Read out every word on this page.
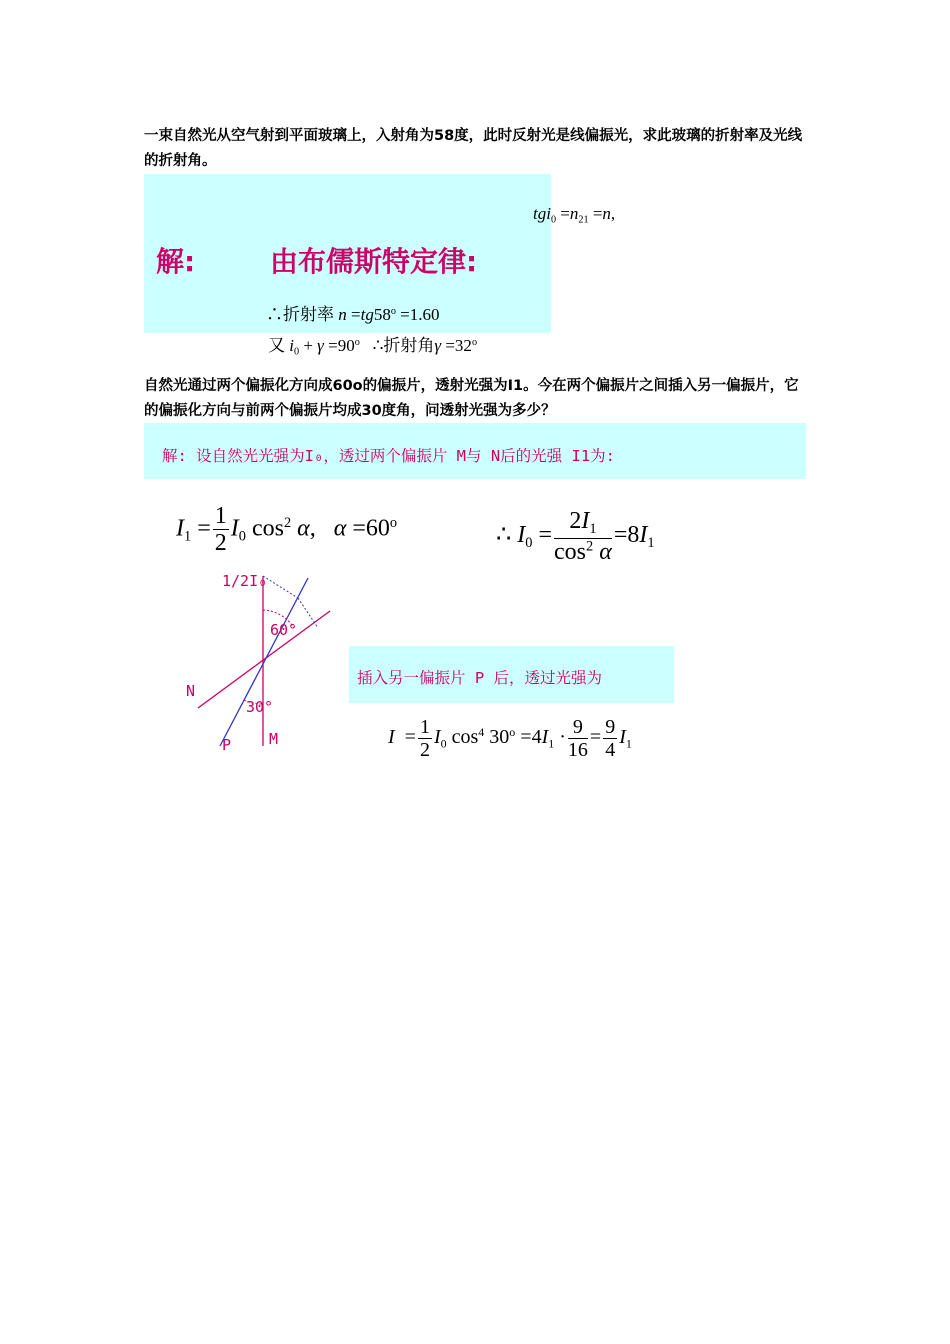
一束自然光从空气射到平面玻璃上，入射角为58度，此时反射光是线偏振光，求此玻璃的折射率及光线的折射角。
解:	由布儒斯特定律:
$tgi_0 =n_{21} =n$,
∴折射率 $n =tg58^o =1.60$
又 $i_0 + \gamma =90^o$   ∴折射角$\gamma =32^o$
自然光通过两个偏振化方向成60o的偏振片，透射光强为I1。今在两个偏振片之间插入另一偏振片，它的偏振化方向与前两个偏振片均成30度角，问透射光强为多少？
解: 设自然光光强为I₀，透过两个偏振片 M与 N后的光强 I1为:
$I_1 = \frac{1}{2} I_0$ $\cos^2 \alpha$,   $\alpha =60^o$	∴ $I_0 = \frac{2I_1}{\cos^2 \alpha} =8I_1$
1/2I₀
60°
30°
N
P	M
插入另一偏振片 P 后，透过光强为
$I = \frac{1}{2} I_0$ $\cos^4 30^o =4I_1 \cdot \frac{9}{16} = \frac{9}{4} I_1$
